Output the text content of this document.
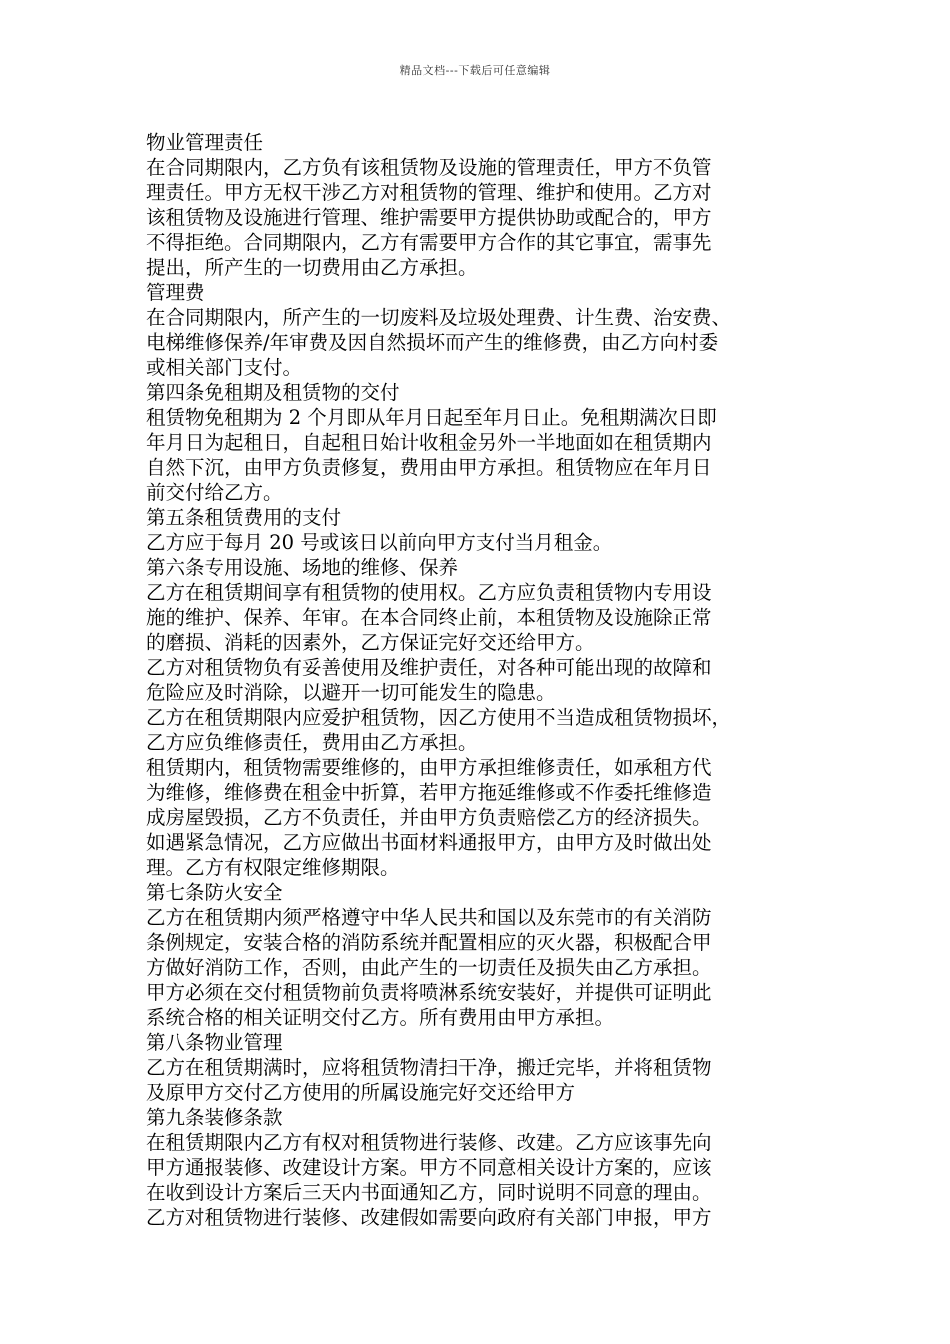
精品文档---下载后可任意编辑
物业管理责任
在合同期限内，乙方负有该租赁物及设施的管理责任，甲方不负管
理责任。甲方无权干涉乙方对租赁物的管理、维护和使用。乙方对
该租赁物及设施进行管理、维护需要甲方提供协助或配合的，甲方
不得拒绝。合同期限内，乙方有需要甲方合作的其它事宜，需事先
提出，所产生的一切费用由乙方承担。
管理费
在合同期限内，所产生的一切废料及垃圾处理费、计生费、治安费、
电梯维修保养/年审费及因自然损坏而产生的维修费，由乙方向村委
或相关部门支付。
第四条免租期及租赁物的交付
租赁物免租期为 2 个月即从年月日起至年月日止。免租期满次日即
年月日为起租日，自起租日始计收租金另外一半地面如在租赁期内
自然下沉，由甲方负责修复，费用由甲方承担。租赁物应在年月日
前交付给乙方。
第五条租赁费用的支付
乙方应于每月 20 号或该日以前向甲方支付当月租金。
第六条专用设施、场地的维修、保养
乙方在租赁期间享有租赁物的使用权。乙方应负责租赁物内专用设
施的维护、保养、年审。在本合同终止前，本租赁物及设施除正常
的磨损、消耗的因素外，乙方保证完好交还给甲方。
乙方对租赁物负有妥善使用及维护责任，对各种可能出现的故障和
危险应及时消除，以避开一切可能发生的隐患。
乙方在租赁期限内应爱护租赁物，因乙方使用不当造成租赁物损坏，
乙方应负维修责任，费用由乙方承担。
租赁期内，租赁物需要维修的，由甲方承担维修责任，如承租方代
为维修，维修费在租金中折算，若甲方拖延维修或不作委托维修造
成房屋毁损，乙方不负责任，并由甲方负责赔偿乙方的经济损失。
如遇紧急情况，乙方应做出书面材料通报甲方，由甲方及时做出处
理。乙方有权限定维修期限。
第七条防火安全
乙方在租赁期内须严格遵守中华人民共和国以及东莞市的有关消防
条例规定，安装合格的消防系统并配置相应的灭火器，积极配合甲
方做好消防工作，否则，由此产生的一切责任及损失由乙方承担。
甲方必须在交付租赁物前负责将喷淋系统安装好，并提供可证明此
系统合格的相关证明交付乙方。所有费用由甲方承担。
第八条物业管理
乙方在租赁期满时，应将租赁物清扫干净，搬迁完毕，并将租赁物
及原甲方交付乙方使用的所属设施完好交还给甲方
第九条装修条款
在租赁期限内乙方有权对租赁物进行装修、改建。乙方应该事先向
甲方通报装修、改建设计方案。甲方不同意相关设计方案的，应该
在收到设计方案后三天内书面通知乙方，同时说明不同意的理由。
乙方对租赁物进行装修、改建假如需要向政府有关部门申报，甲方
